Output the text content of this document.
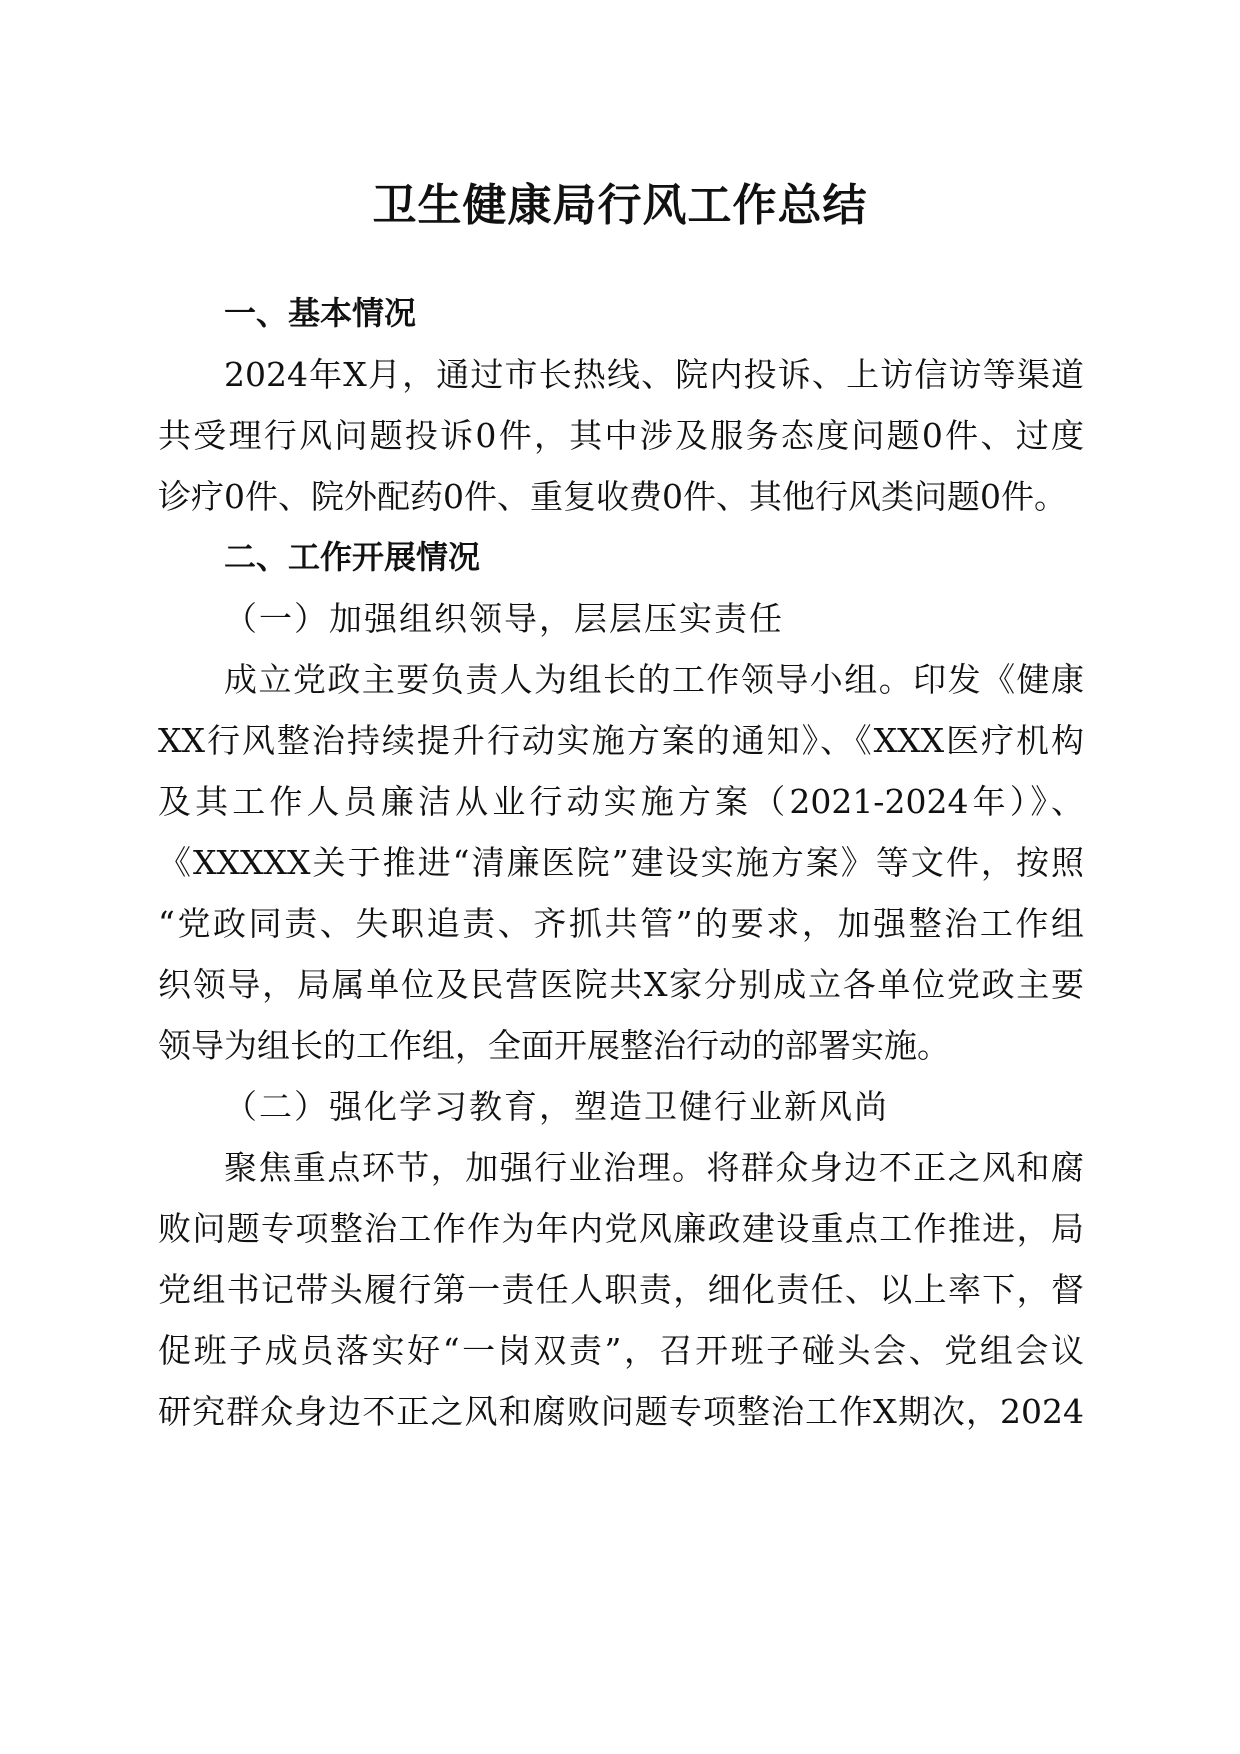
卫生健康局行风工作总结
一、基本情况
2024年X月，通过市长热线、院内投诉、上访信访等渠道
共受理行风问题投诉0件，其中涉及服务态度问题0件、过度
诊疗0件、院外配药0件、重复收费0件、其他行风类问题0件。
二、工作开展情况
（一）加强组织领导，层层压实责任
成立党政主要负责人为组长的工作领导小组。印发《健康
XX行风整治持续提升行动实施方案的通知》、《XXX医疗机构
及其工作人员廉洁从业行动实施方案（2021-2024年）》、
《XXXXX关于推进“清廉医院”建设实施方案》等文件，按照
“党政同责、失职追责、齐抓共管”的要求，加强整治工作组
织领导，局属单位及民营医院共X家分别成立各单位党政主要
领导为组长的工作组，全面开展整治行动的部署实施。
（二）强化学习教育，塑造卫健行业新风尚
聚焦重点环节，加强行业治理。将群众身边不正之风和腐
败问题专项整治工作作为年内党风廉政建设重点工作推进，局
党组书记带头履行第一责任人职责，细化责任、以上率下，督
促班子成员落实好“一岗双责”，召开班子碰头会、党组会议
研究群众身边不正之风和腐败问题专项整治工作X期次，2024
